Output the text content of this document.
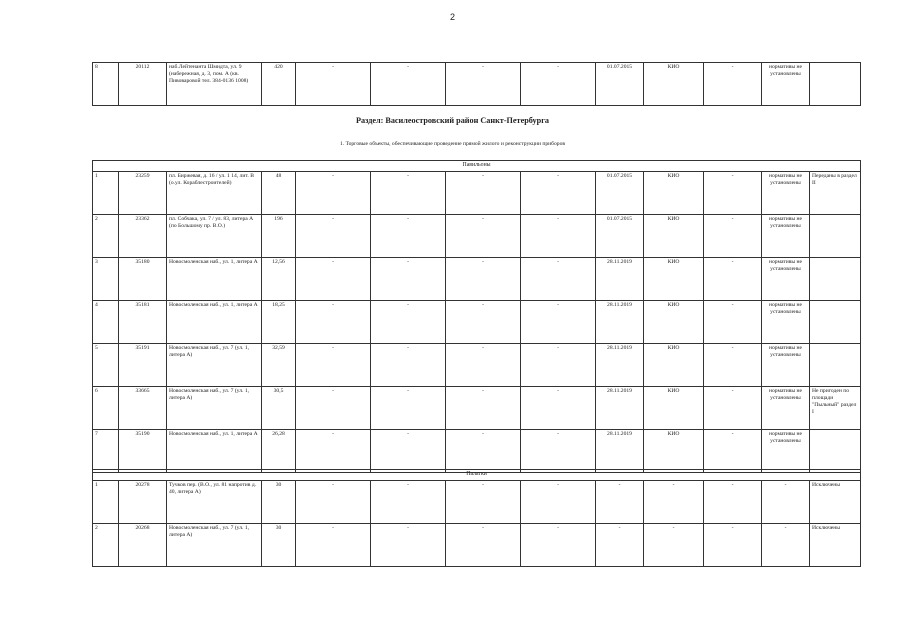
2
8	20112	наб.Лейтенанта Шмидта, ул. 9 (набережная, д. 3, пом. А (кв. Пивоваровой тел. 384-0136 1008)	420	-	-	-	-	01.07.2015	КИО	-	нормативы не установлены	
Раздел: Василеостровский район Санкт-Петербурга
1. Торговые объекты, обеспечивающие проведение прямой жилого и реконструкции приборов
Павильоны												
1	23259	пл. Биржевая, д. 16 / ул. 1 14, лит. В (о.ул. Кораблестроителей)	48	-	-	-	-	01.07.2015	КИО	-	нормативы не установлены	Переданы в раздел II
2	23362	пл. Собчака, ул. 7 / ул. 83, литера А (по Большому пр. В.О.)	196	-	-	-	-	01.07.2015	КИО	-	нормативы не установлены	
3	35180	Новосмоленская наб., ул. 1, литера А	12,56	-	-	-	-	28.11.2019	КИО	-	нормативы не установлены	
4	35181	Новосмоленская наб., ул. 1, литера А	18,25	-	-	-	-	28.11.2019	КИО	-	нормативы не установлены	
5	35191	Новосмоленская наб., ул. 7 (ул. 1, литера А)	32,59	-	-	-	-	28.11.2019	КИО	-	нормативы не установлены	
6	33665	Новосмоленская наб., ул. 7 (ул. 1, литера А)	30,5	-	-	-	-	28.11.2019	КИО	-	нормативы не установлены	Не пригоден по площади "Пыльный" раздел I
7	35190	Новосмоленская наб., ул. 1, литера А	26,28	-	-	-	-	28.11.2019	КИО	-	нормативы не установлены	
Палатки												
1	20278	Тучков пер. (В.О., ул. 81 напротив д. 40, литера А)	30	-	-	-	-	-	-	-	-	Исключены
2	20268	Новосмоленская наб., ул. 7 (ул. 1, литера А)	30	-	-	-	-	-	-	-	-	Исключены
